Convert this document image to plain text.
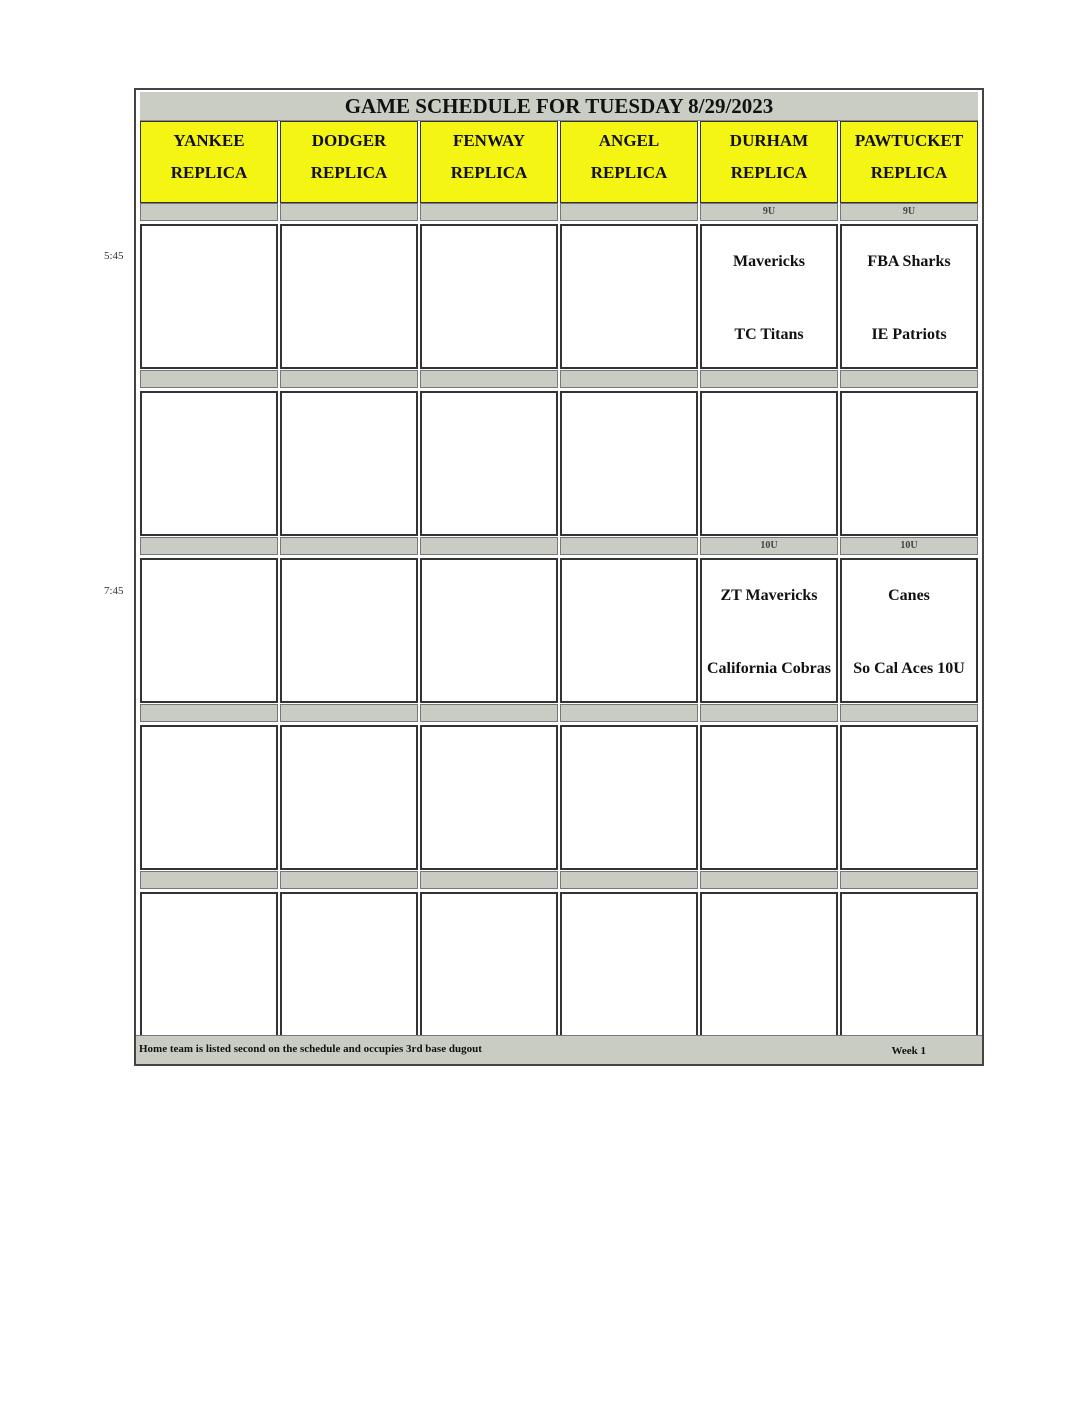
5:45
7:45
GAME SCHEDULE FOR TUESDAY 8/29/2023
YANKEE
REPLICA
DODGER
REPLICA
FENWAY
REPLICA
ANGEL
REPLICA
DURHAM
REPLICA
9U
Mavericks
TC Titans
10U
ZT Mavericks
California Cobras
PAWTUCKET
REPLICA
9U
FBA Sharks
IE Patriots
10U
Canes
So Cal Aces 10U
Home team is listed second on the schedule and occupies 3rd base dugout	Week 1
